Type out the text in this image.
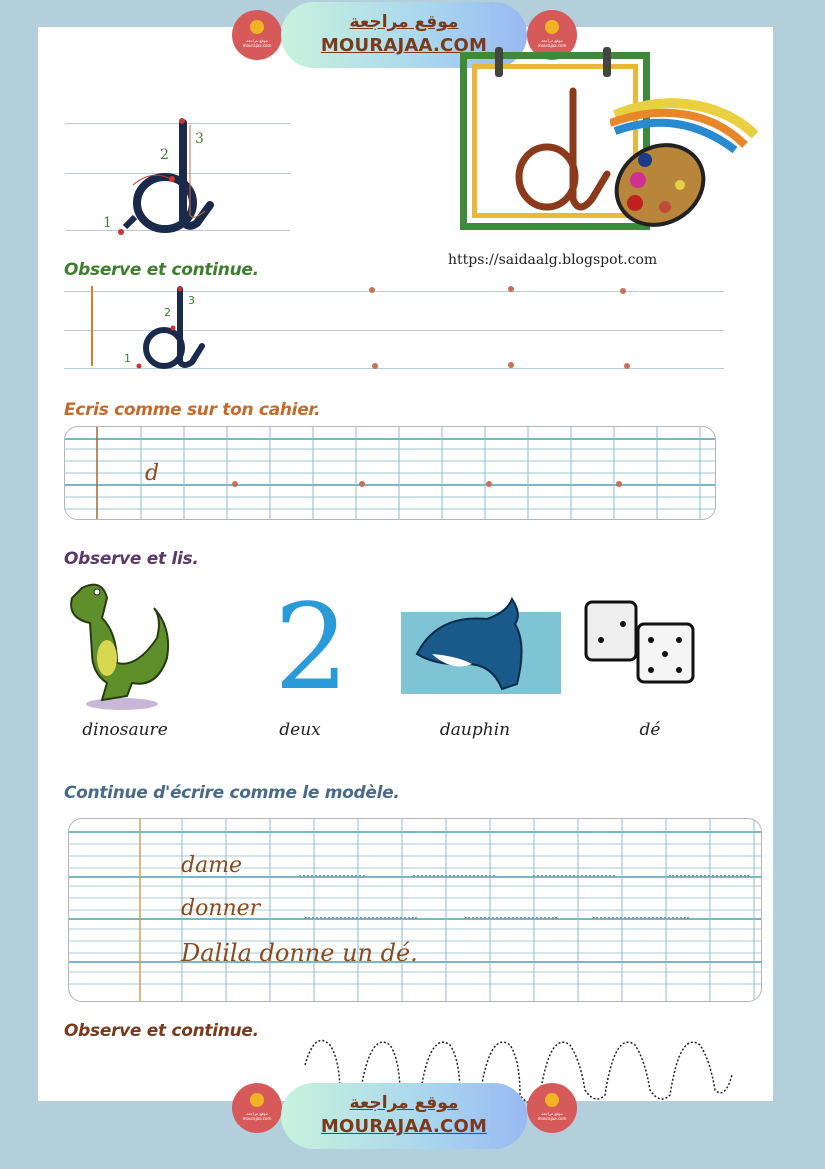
موقع مراجعة mourajaa.com
موقع مراجعة
MOURAJAA.COM	موقع مراجعة mourajaa.com
1
2
3
https://saidaalg.blogspot.com
Observe et continue.
1
2
3
Ecris comme sur ton cahier.
d
Observe et lis.
2
dinosaure	deux	dauphin	dé
Continue d'écrire comme le modèle.
dame
donner
Dalila donne un dé.
Observe et continue.
موقع مراجعة mourajaa.com
موقع مراجعة
MOURAJAA.COM
موقع مراجعة mourajaa.com
